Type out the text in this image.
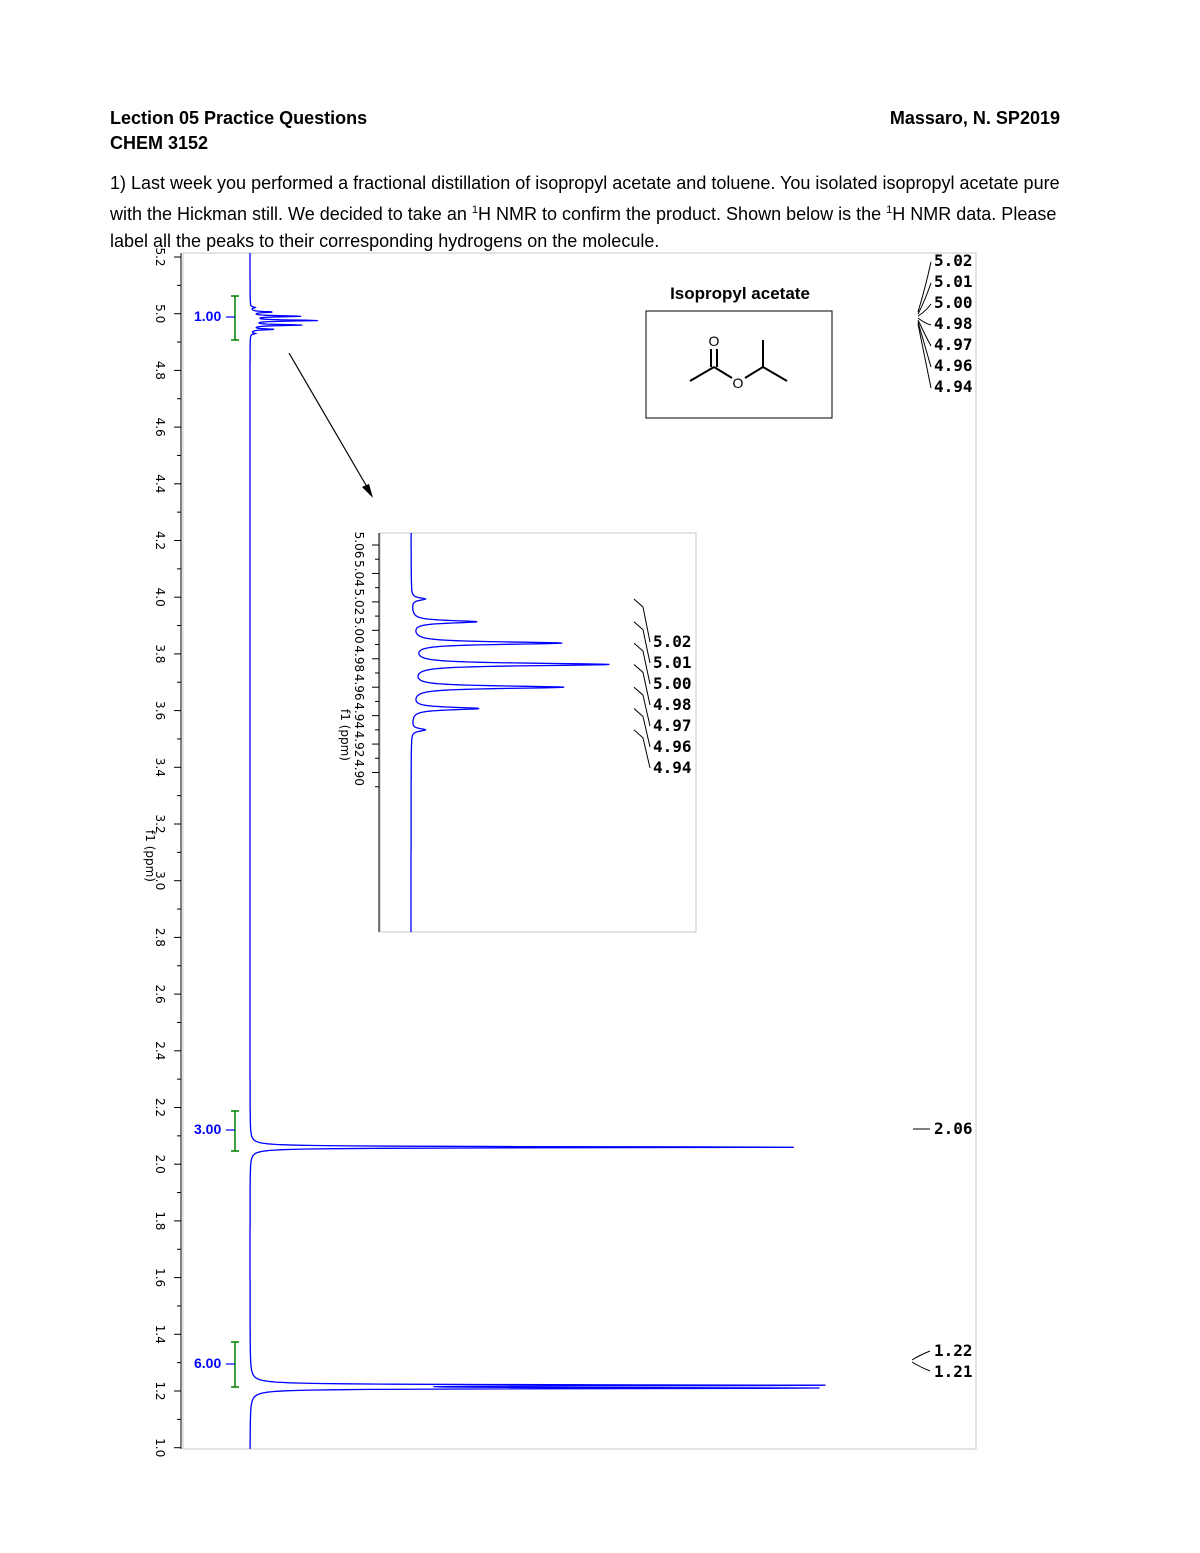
Lection 05 Practice Questions	Massaro, N. SP2019
CHEM 3152
1) Last week you performed a fractional distillation of isopropyl acetate and toluene. You isolated isopropyl acetate pure with the Hickman still. We decided to take an $^1$H NMR to confirm the product. Shown below is the $^1$H NMR data. Please label all the peaks to their corresponding hydrogens on the molecule.
5.2
5.0
4.8
4.6
4.4
4.2
4.0
3.8
3.6
3.4
3.2
3.0
2.8
2.6
2.4
2.2
2.0
1.8
1.6
1.4
1.2
1.0
f1 (ppm)
1.00
3.00
6.00
Isopropyl acetate
O
O
5.02
5.01
5.00
4.98
4.97
4.96
4.94
2.06
1.22
1.21
5.06
5.04
5.02
5.00
4.98
4.96
4.94
4.92
4.90
f1 (ppm)
5.02
5.01
5.00
4.98
4.97
4.96
4.94
